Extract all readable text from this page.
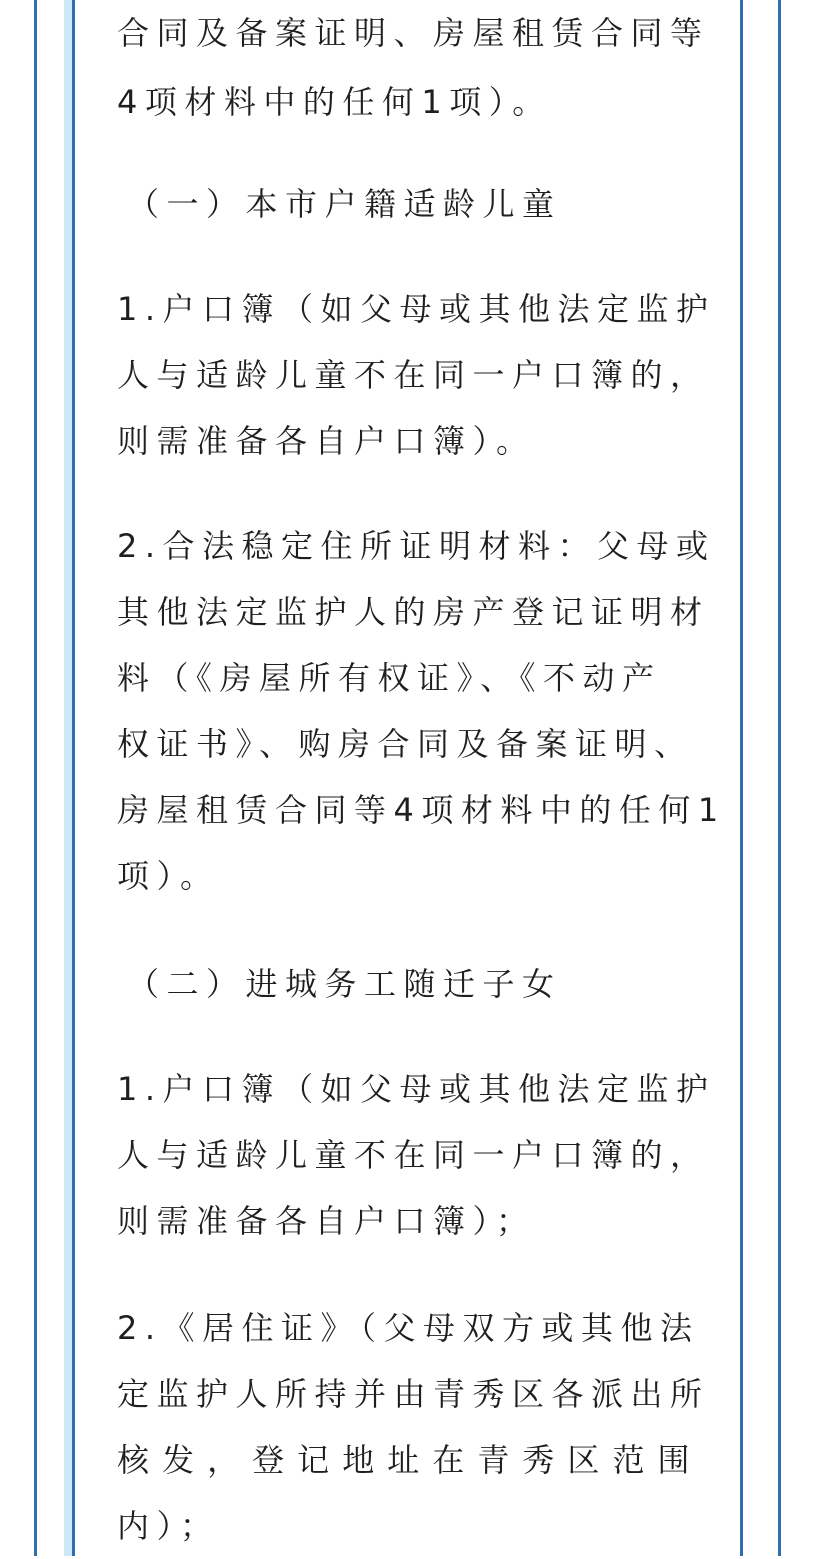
合同及备案证明、房屋租赁合同等
4项材料中的任何1项）。
（一）本市户籍适龄儿童
1.户口簿（如父母或其他法定监护
人与适龄儿童不在同一户口簿的，
则需准备各自户口簿）。
2.合法稳定住所证明材料：父母或
其他法定监护人的房产登记证明材
料（《房屋所有权证》、《不动产
权证书》、购房合同及备案证明、
房屋租赁合同等4项材料中的任何1
项）。
（二）进城务工随迁子女
1.户口簿（如父母或其他法定监护
人与适龄儿童不在同一户口簿的，
则需准备各自户口簿）；
2.《居住证》（父母双方或其他法
定监护人所持并由青秀区各派出所
核发，登记地址在青秀区范围
内）；
